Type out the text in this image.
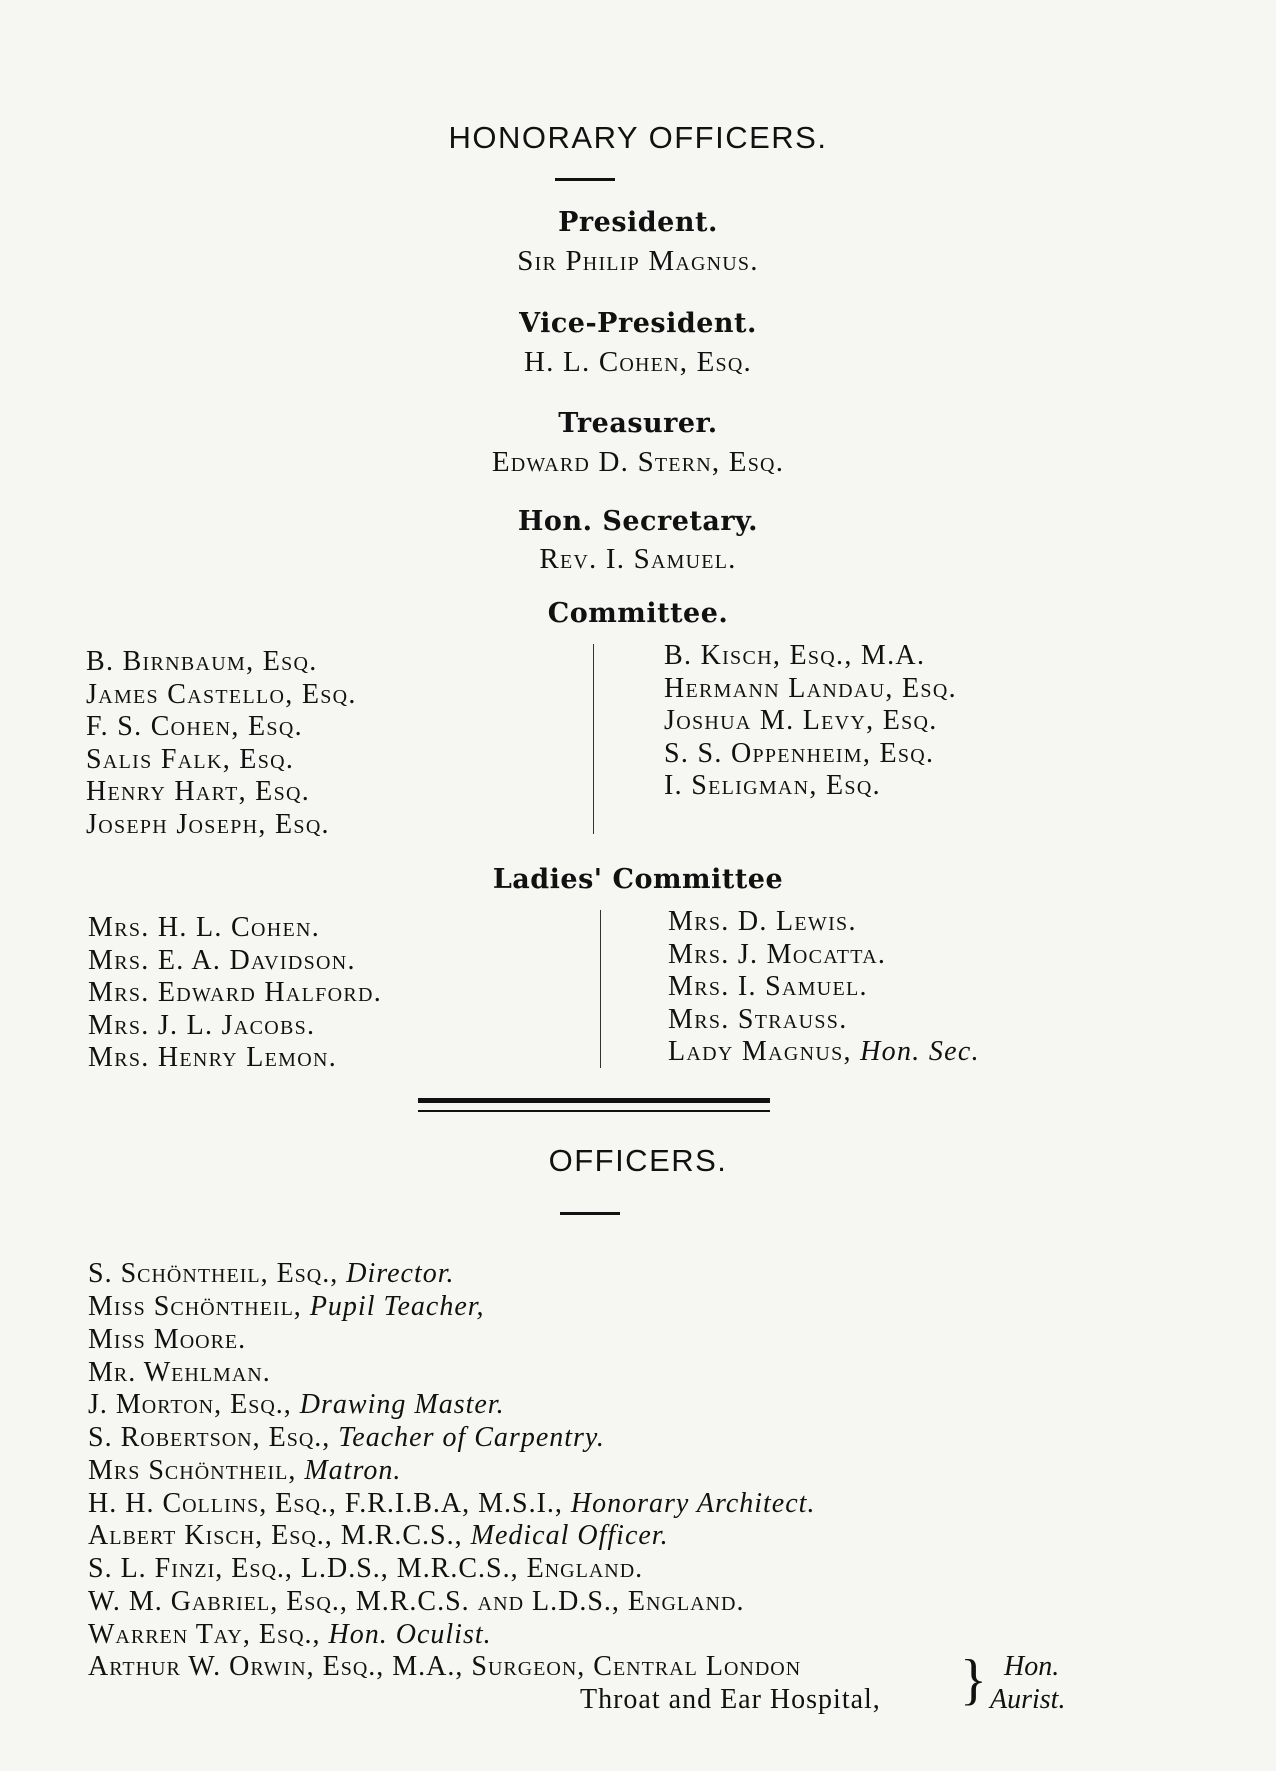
HONORARY OFFICERS.
President.
Sir Philip Magnus.
Vice-President.
H. L. Cohen, Esq.
Treasurer.
Edward D. Stern, Esq.
Hon. Secretary.
Rev. I. Samuel.
Committee.
B. Birnbaum, Esq.
James Castello, Esq.
F. S. Cohen, Esq.
Salis Falk, Esq.
Henry Hart, Esq.
Joseph Joseph, Esq.
B. Kisch, Esq., M.A.
Hermann Landau, Esq.
Joshua M. Levy, Esq.
S. S. Oppenheim, Esq.
I. Seligman, Esq.
Ladies' Committee
Mrs. H. L. Cohen.
Mrs. E. A. Davidson.
Mrs. Edward Halford.
Mrs. J. L. Jacobs.
Mrs. Henry Lemon.
Mrs. D. Lewis.
Mrs. J. Mocatta.
Mrs. I. Samuel.
Mrs. Strauss.
Lady Magnus, Hon. Sec.
OFFICERS.
S. Schöntheil, Esq., Director.
Miss Schöntheil, Pupil Teacher,
Miss Moore.
Mr. Wehlman.
J. Morton, Esq., Drawing Master.
S. Robertson, Esq., Teacher of Carpentry.
Mrs Schöntheil, Matron.
H. H. Collins, Esq., F.R.I.B.A, M.S.I., Honorary Architect.
Albert Kisch, Esq., M.R.C.S., Medical Officer.
S. L. Finzi, Esq., L.D.S., M.R.C.S., England.
W. M. Gabriel, Esq., M.R.C.S. and L.D.S., England.
Warren Tay, Esq., Hon. Oculist.
Arthur W. Orwin, Esq., M.A., Surgeon, Central London
Throat and Ear Hospital, } Hon.
Aurist.
